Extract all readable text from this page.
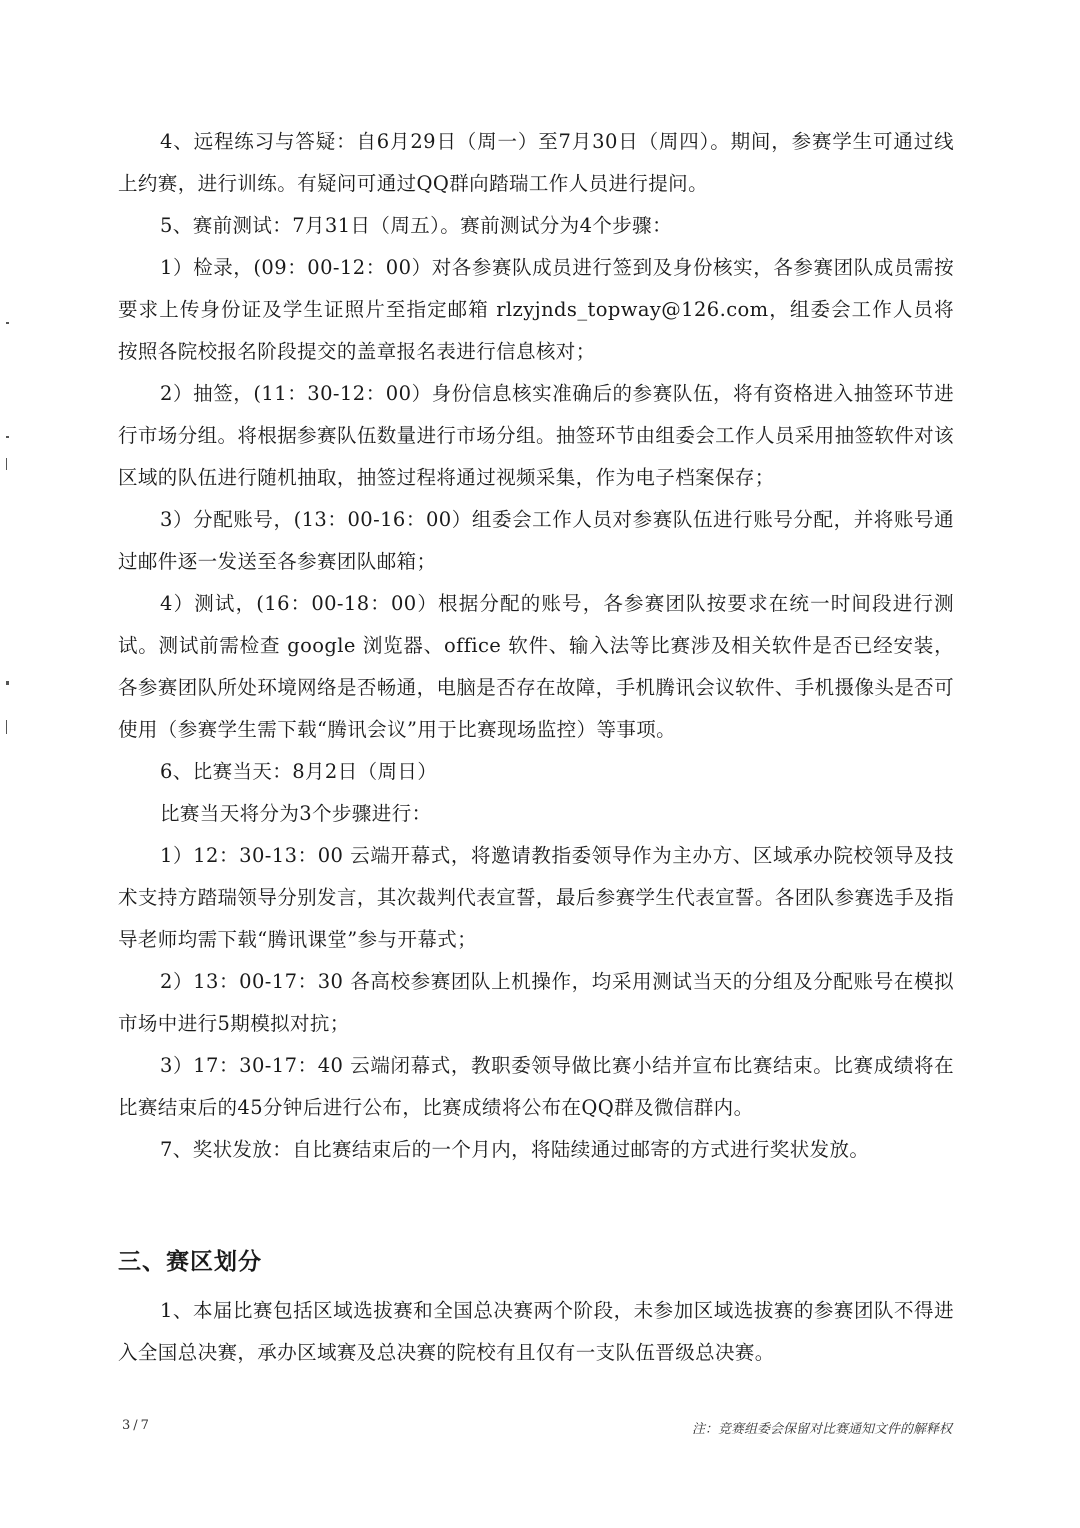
4、远程练习与答疑：自6月29日（周一）至7月30日（周四）。期间，参赛学生可通过线上约赛，进行训练。有疑问可通过QQ群向踏瑞工作人员进行提问。

5、赛前测试：7月31日（周五）。赛前测试分为4个步骤：

1）检录，(09：00-12：00）对各参赛队成员进行签到及身份核实，各参赛团队成员需按要求上传身份证及学生证照片至指定邮箱 rlzyjnds_topway@126.com，组委会工作人员将按照各院校报名阶段提交的盖章报名表进行信息核对；

2）抽签，(11：30-12：00）身份信息核实准确后的参赛队伍，将有资格进入抽签环节进行市场分组。将根据参赛队伍数量进行市场分组。抽签环节由组委会工作人员采用抽签软件对该区域的队伍进行随机抽取，抽签过程将通过视频采集，作为电子档案保存；

3）分配账号，(13：00-16：00）组委会工作人员对参赛队伍进行账号分配，并将账号通过邮件逐一发送至各参赛团队邮箱；

4）测试，(16：00-18：00）根据分配的账号，各参赛团队按要求在统一时间段进行测试。测试前需检查 google 浏览器、office 软件、输入法等比赛涉及相关软件是否已经安装，各参赛团队所处环境网络是否畅通，电脑是否存在故障，手机腾讯会议软件、手机摄像头是否可使用（参赛学生需下载“腾讯会议”用于比赛现场监控）等事项。

6、比赛当天：8月2日（周日）

比赛当天将分为3个步骤进行：

1）12：30-13：00 云端开幕式，将邀请教指委领导作为主办方、区域承办院校领导及技术支持方踏瑞领导分别发言，其次裁判代表宣誓，最后参赛学生代表宣誓。各团队参赛选手及指导老师均需下载“腾讯课堂”参与开幕式；

2）13：00-17：30 各高校参赛团队上机操作，均采用测试当天的分组及分配账号在模拟市场中进行5期模拟对抗；

3）17：30-17：40 云端闭幕式，教职委领导做比赛小结并宣布比赛结束。比赛成绩将在比赛结束后的45分钟后进行公布，比赛成绩将公布在QQ群及微信群内。

7、奖状发放：自比赛结束后的一个月内，将陆续通过邮寄的方式进行奖状发放。

三、赛区划分

1、本届比赛包括区域选拔赛和全国总决赛两个阶段，未参加区域选拔赛的参赛团队不得进入全国总决赛，承办区域赛及总决赛的院校有且仅有一支队伍晋级总决赛。

3/7	注：竞赛组委会保留对比赛通知文件的解释权
